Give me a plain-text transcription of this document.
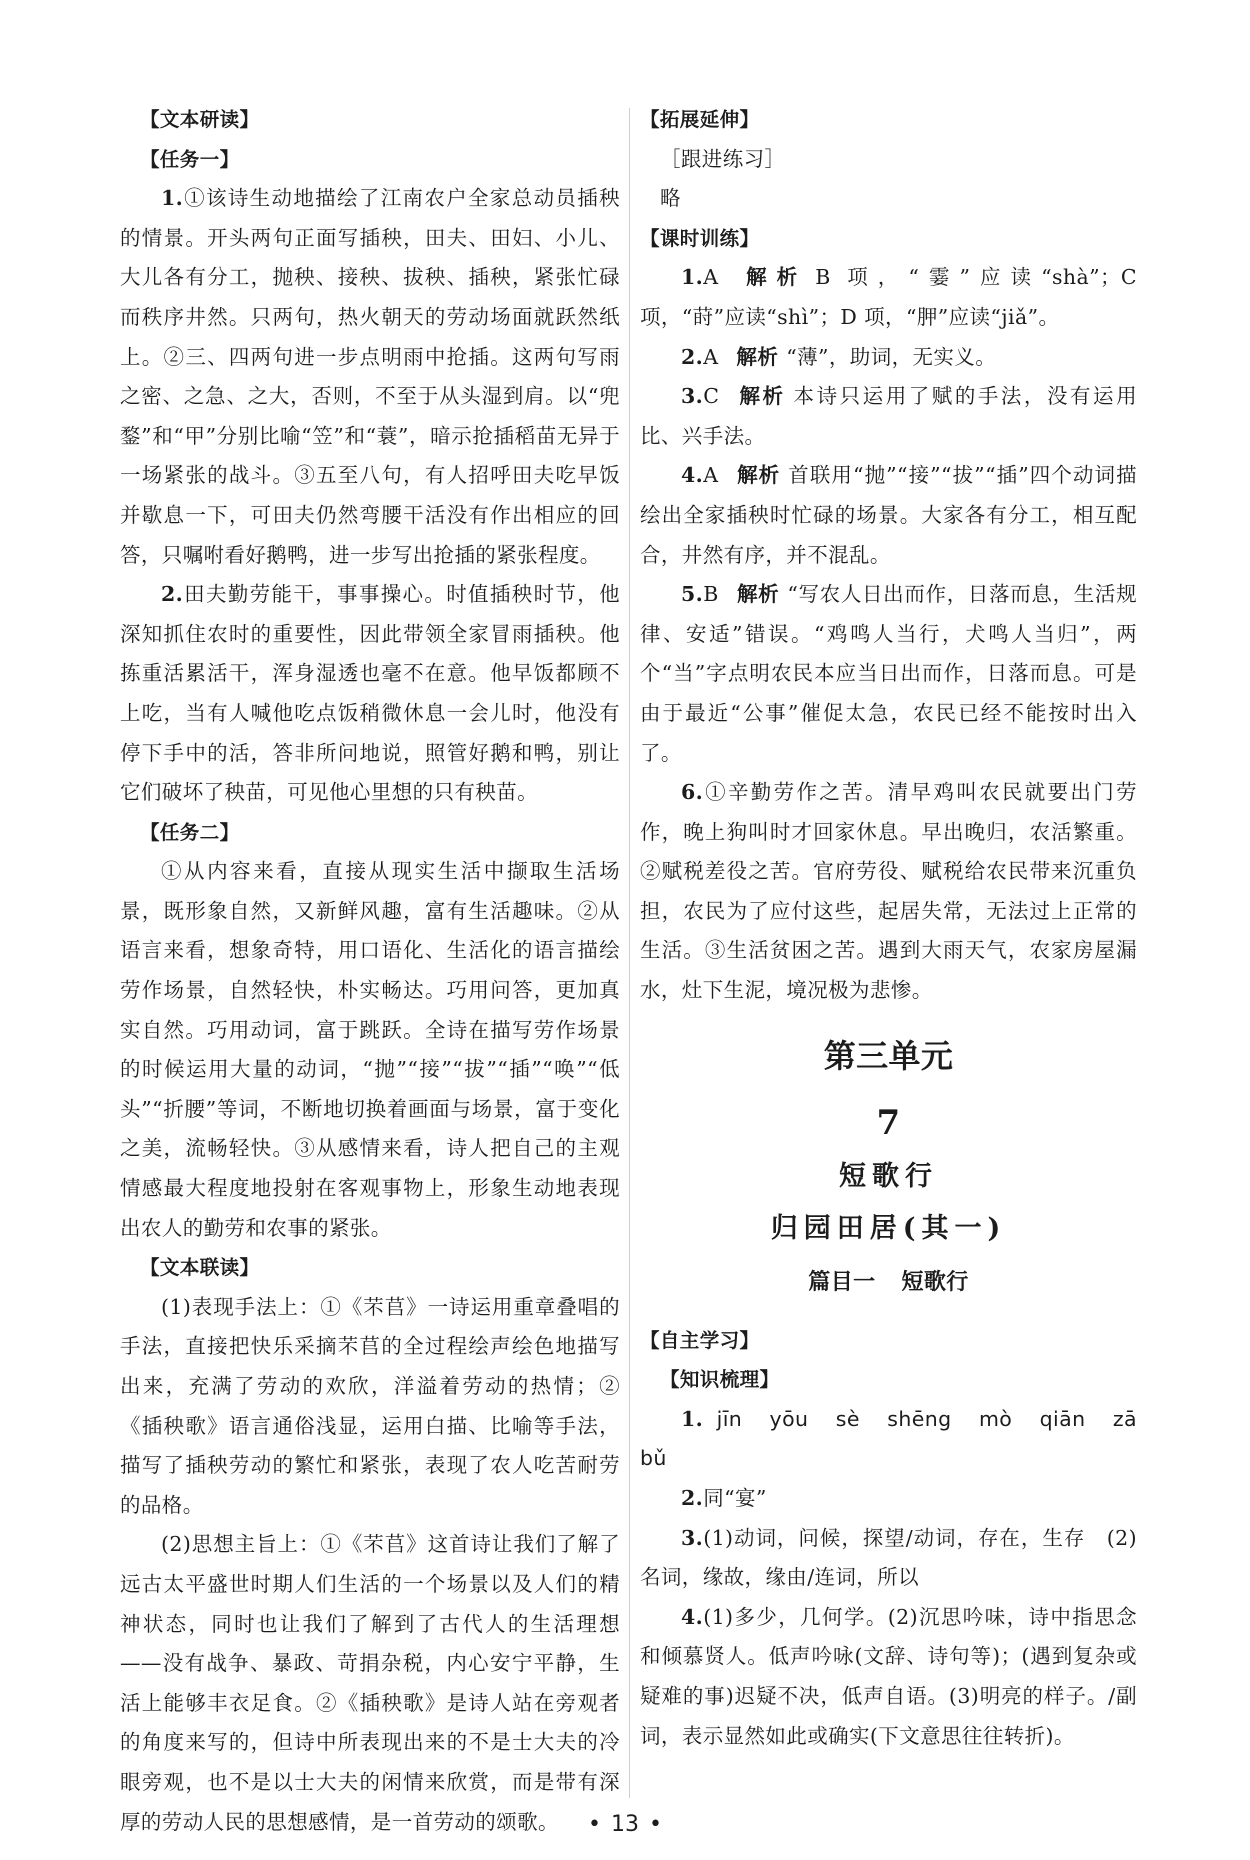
【文本研读】

【任务一】

1.①该诗生动地描绘了江南农户全家总动员插秧的情景。开头两句正面写插秧，田夫、田妇、小儿、大儿各有分工，抛秧、接秧、拔秧、插秧，紧张忙碌而秩序井然。只两句，热火朝天的劳动场面就跃然纸上。②三、四两句进一步点明雨中抢插。这两句写雨之密、之急、之大，否则，不至于从头湿到肩。以“兜鍪”和“甲”分别比喻“笠”和“蓑”，暗示抢插稻苗无异于一场紧张的战斗。③五至八句，有人招呼田夫吃早饭并歇息一下，可田夫仍然弯腰干活没有作出相应的回答，只嘱咐看好鹅鸭，进一步写出抢插的紧张程度。

2.田夫勤劳能干，事事操心。时值插秧时节，他深知抓住农时的重要性，因此带领全家冒雨插秧。他拣重活累活干，浑身湿透也毫不在意。他早饭都顾不上吃，当有人喊他吃点饭稍微休息一会儿时，他没有停下手中的活，答非所问地说，照管好鹅和鸭，别让它们破坏了秧苗，可见他心里想的只有秧苗。

【任务二】

①从内容来看，直接从现实生活中撷取生活场景，既形象自然，又新鲜风趣，富有生活趣味。②从语言来看，想象奇特，用口语化、生活化的语言描绘劳作场景，自然轻快，朴实畅达。巧用问答，更加真实自然。巧用动词，富于跳跃。全诗在描写劳作场景的时候运用大量的动词，“抛”“接”“拔”“插”“唤”“低头”“折腰”等词，不断地切换着画面与场景，富于变化之美，流畅轻快。③从感情来看，诗人把自己的主观情感最大程度地投射在客观事物上，形象生动地表现出农人的勤劳和农事的紧张。

【文本联读】

(1)表现手法上：①《芣苢》一诗运用重章叠唱的手法，直接把快乐采摘芣苢的全过程绘声绘色地描写出来，充满了劳动的欢欣，洋溢着劳动的热情；②《插秧歌》语言通俗浅显，运用白描、比喻等手法，描写了插秧劳动的繁忙和紧张，表现了农人吃苦耐劳的品格。

(2)思想主旨上：①《芣苢》这首诗让我们了解了远古太平盛世时期人们生活的一个场景以及人们的精神状态，同时也让我们了解到了古代人的生活理想——没有战争、暴政、苛捐杂税，内心安宁平静，生活上能够丰衣足食。②《插秧歌》是诗人站在旁观者的角度来写的，但诗中所表现出来的不是士大夫的冷眼旁观，也不是以士大夫的闲情来欣赏，而是带有深厚的劳动人民的思想感情，是一首劳动的颂歌。

【拓展延伸】

［跟进练习］

略

【课时训练】

1.A 解析 B 项，“霎”应读“shà”；C 项，“莳”应读“shì”；D 项，“胛”应读“jiǎ”。

2.A 解析 “薄”，助词，无实义。

3.C 解析 本诗只运用了赋的手法，没有运用比、兴手法。

4.A 解析 首联用“抛”“接”“拔”“插”四个动词描绘出全家插秧时忙碌的场景。大家各有分工，相互配合，井然有序，并不混乱。

5.B 解析 “写农人日出而作，日落而息，生活规律、安适”错误。“鸡鸣人当行，犬鸣人当归”，两个“当”字点明农民本应当日出而作，日落而息。可是由于最近“公事”催促太急，农民已经不能按时出入了。

6.①辛勤劳作之苦。清早鸡叫农民就要出门劳作，晚上狗叫时才回家休息。早出晚归，农活繁重。②赋税差役之苦。官府劳役、赋税给农民带来沉重负担，农民为了应付这些，起居失常，无法过上正常的生活。③生活贫困之苦。遇到大雨天气，农家房屋漏水，灶下生泥，境况极为悲惨。

第三单元
7
短歌行
归园田居(其一)
篇目一 短歌行

【自主学习】

【知识梳理】

1. jīn yōu sè shēng mò qiān zā bǔ

2.同“宴”

3.(1)动词，问候，探望/动词，存在，生存　(2)名词，缘故，缘由/连词，所以

4.(1)多少，几何学。(2)沉思吟味，诗中指思念和倾慕贤人。低声吟咏(文辞、诗句等)；(遇到复杂或疑难的事)迟疑不决，低声自语。(3)明亮的样子。/副词，表示显然如此或确实(下文意思往往转折)。

• 13 •
